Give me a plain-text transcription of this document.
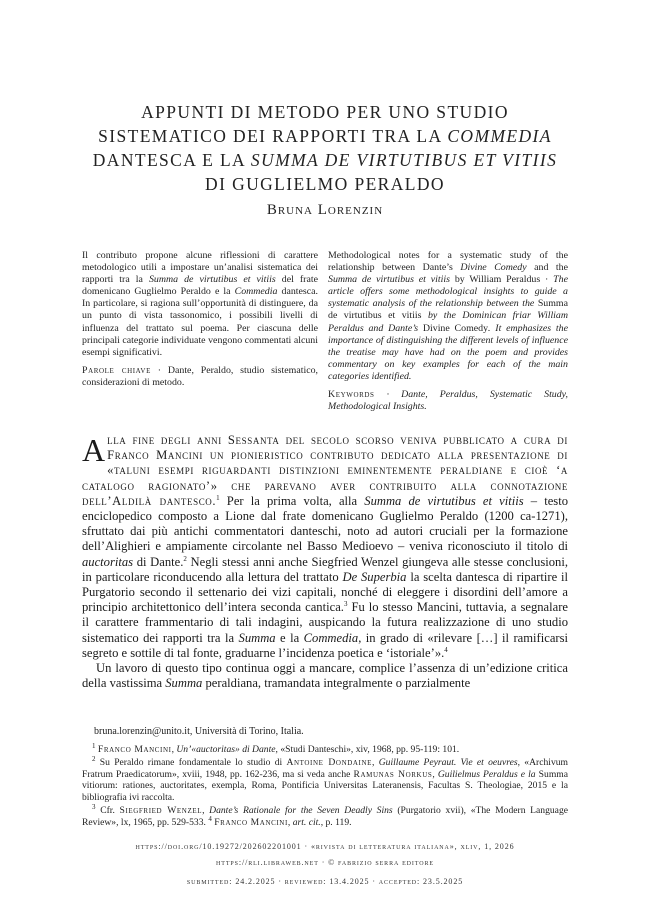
APPUNTI DI METODO PER UNO STUDIO
SISTEMATICO DEI RAPPORTI TRA LA COMMEDIA
DANTESCA E LA SUMMA DE VIRTUTIBUS ET VITIIS
DI GUGLIELMO PERALDO
Bruna Lorenzin

Il contributo propone alcune riflessioni di carattere metodologico utili a impostare un’analisi sistematica dei rapporti tra la Summa de virtutibus et vitiis del frate domenicano Guglielmo Peraldo e la Commedia dantesca. In particolare, si ragiona sull’opportunità di distinguere, da un punto di vista tassonomico, i possibili livelli di influenza del trattato sul poema. Per ciascuna delle principali categorie individuate vengono commentati alcuni esempi significativi.

Parole chiave · Dante, Peraldo, studio sistematico, considerazioni di metodo.

Methodological notes for a systematic study of the relationship between Dante’s Divine Comedy and the Summa de virtutibus et vitiis by William Peraldus · The article offers some methodological insights to guide a systematic analysis of the relationship between the Summa de virtutibus et vitiis by the Dominican friar William Peraldus and Dante’s Divine Comedy. It emphasizes the importance of distinguishing the different levels of influence the treatise may have had on the poem and provides commentary on key examples for each of the main categories identified.

Keywords · Dante, Peraldus, Systematic Study, Methodological Insights.

Alla fine degli anni Sessanta del secolo scorso veniva pubblicato a cura di Franco Mancini un pionieristico contributo dedicato alla presentazione di «taluni esempi riguardanti distinzioni eminentemente peraldiane e cioè ‘a catalogo ragionato’» che parevano aver contribuito alla connotazione dell’Aldilà dantesco.$^1$ Per la prima volta, alla Summa de virtutibus et vitiis – testo enciclopedico composto a Lione dal frate domenicano Guglielmo Peraldo (1200 ca-1271), sfruttato dai più antichi commentatori danteschi, noto ad autori cruciali per la formazione dell’Alighieri e ampiamente circolante nel Basso Medioevo – veniva riconosciuto il titolo di auctoritas di Dante.$^2$ Negli stessi anni anche Siegfried Wenzel giungeva alle stesse conclusioni, in particolare riconducendo alla lettura del trattato De Superbia la scelta dantesca di ripartire il Purgatorio secondo il settenario dei vizi capitali, nonché di eleggere i disordini dell’amore a principio architettonico dell’intera seconda cantica.$^3$ Fu lo stesso Mancini, tuttavia, a segnalare il carattere frammentario di tali indagini, auspicando la futura realizzazione di uno studio sistematico dei rapporti tra la Summa e la Commedia, in grado di «rilevare […] il ramificarsi segreto e sottile di tal fonte, graduarne l’incidenza poetica e ‘istoriale’».$^4$

Un lavoro di questo tipo continua oggi a mancare, complice l’assenza di un’edizione critica della vastissima Summa peraldiana, tramandata integralmente o parzialmente

bruna.lorenzin@unito.it, Università di Torino, Italia.

$^1$ Franco Mancini, Un’«auctoritas» di Dante, «Studi Danteschi», xiv, 1968, pp. 95-119: 101.

$^2$ Su Peraldo rimane fondamentale lo studio di Antoine Dondaine, Guillaume Peyraut. Vie et oeuvres, «Archivum Fratrum Praedicatorum», xviii, 1948, pp. 162-236, ma si veda anche Ramunas Norkus, Guilielmus Peraldus e la Summa vitiorum: rationes, auctoritates, exempla, Roma, Pontificia Universitas Lateranensis, Facultas S. Theologiae, 2015 e la bibliografia ivi raccolta.

$^3$ Cfr. Siegfried Wenzel, Dante’s Rationale for the Seven Deadly Sins (Purgatorio xvii), «The Modern Language Review», lx, 1965, pp. 529-533. $^4$ Franco Mancini, art. cit., p. 119.

https://doi.org/10.19272/202602201001 · «rivista di letteratura italiana», xliv, 1, 2026
https://rli.libraweb.net · © fabrizio serra editore
submitted: 24.2.2025 · reviewed: 13.4.2025 · accepted: 23.5.2025
